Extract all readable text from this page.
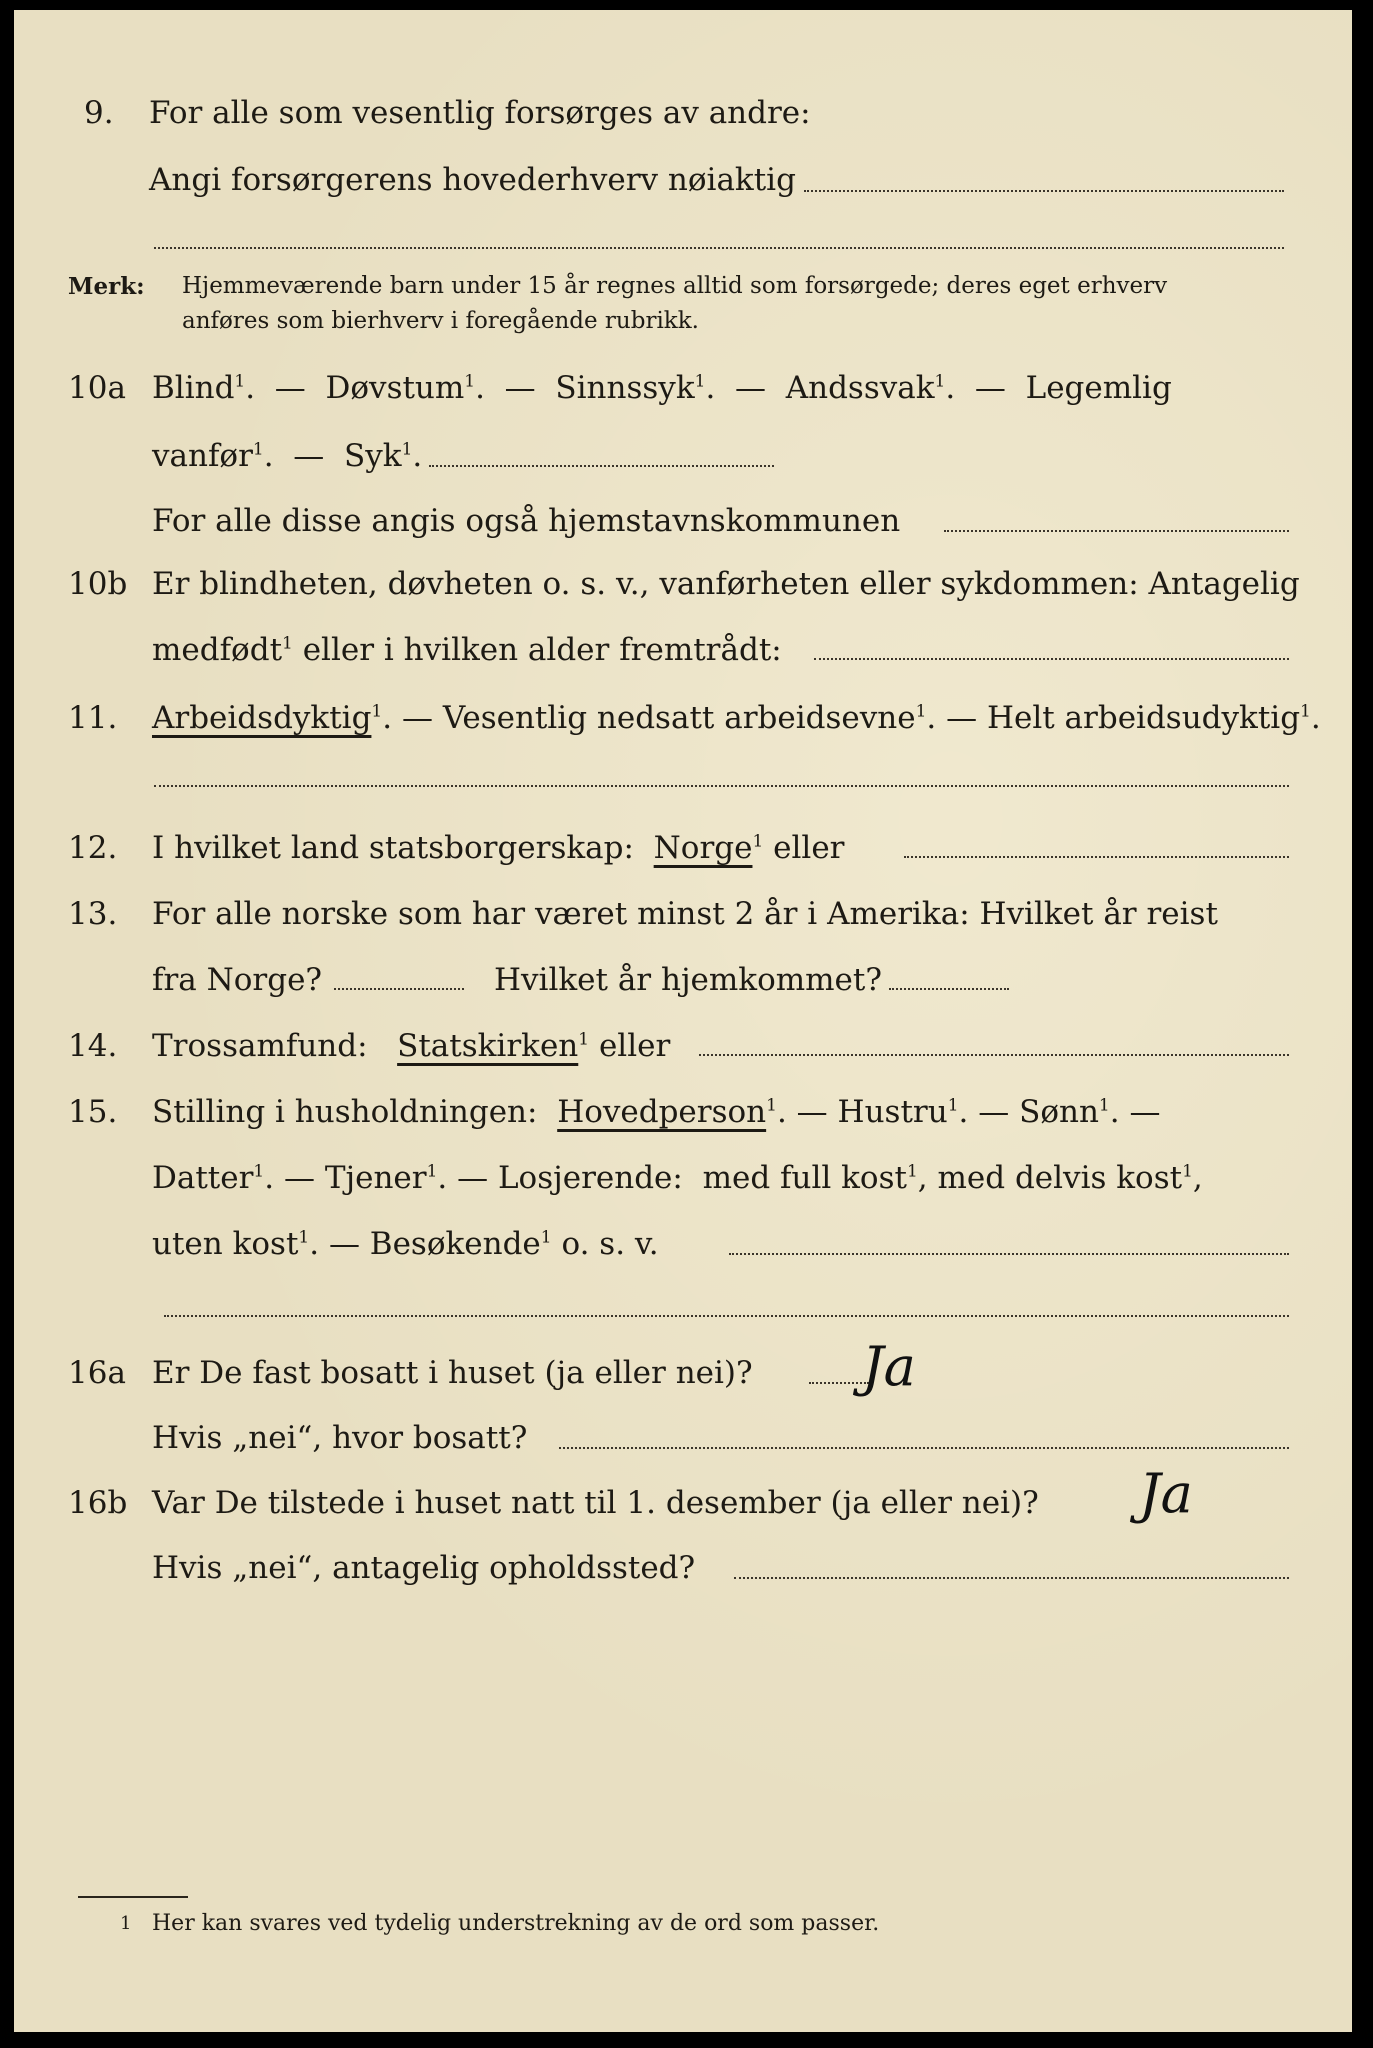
9. For alle som vesentlig forsørges av andre:
Angi forsørgerens hovederhverv nøiaktig
Merk: Hjemmeværende barn under 15 år regnes alltid som forsørgede; deres eget erhverv
anføres som bierhverv i foregående rubrikk.
10a Blind$^1$.  —  Døvstum$^1$.  —  Sinnssyk$^1$.  —  Andssvak$^1$.  —  Legemlig
vanfør$^1$.  —  Syk$^1$.
For alle disse angis også hjemstavnskommunen
10b Er blindheten, døvheten o. s. v., vanførheten eller sykdommen: Antagelig
medfødt$^1$ eller i hvilken alder fremtrådt:
11. Arbeidsdyktig$^1$. — Vesentlig nedsatt arbeidsevne$^1$. — Helt arbeidsudyktig$^1$.
12. I hvilket land statsborgerskap: Norge$^1$ eller
13. For alle norske som har været minst 2 år i Amerika: Hvilket år reist
fra Norge?	Hvilket år hjemkommet?
14. Trossamfund: Statskirken$^1$ eller
15. Stilling i husholdningen: Hovedperson$^1$. — Hustru$^1$. — Sønn$^1$. —
Datter$^1$. — Tjener$^1$. — Losjerende: med full kost$^1$, med delvis kost$^1$,
uten kost$^1$. — Besøkende$^1$ o. s. v.
16a Er De fast bosatt i huset (ja eller nei)? Ja
Hvis „nei“, hvor bosatt?
16b Var De tilstede i huset natt til 1. desember (ja eller nei)? Ja
Hvis „nei“, antagelig opholdssted?
1 Her kan svares ved tydelig understrekning av de ord som passer.
